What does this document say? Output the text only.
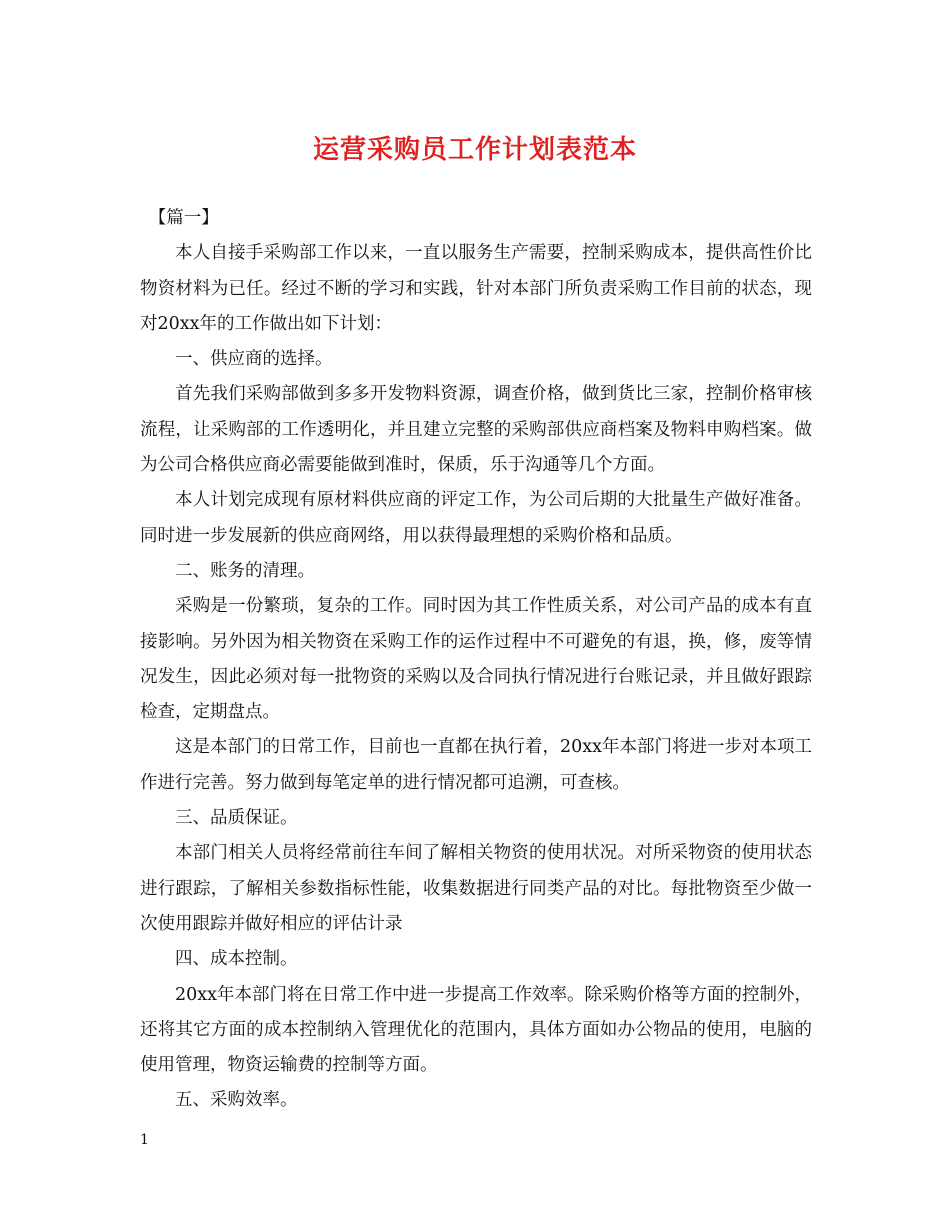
运营采购员工作计划表范本

【篇一】

本人自接手采购部工作以来，一直以服务生产需要，控制采购成本，提供高性价比物资材料为已任。经过不断的学习和实践，针对本部门所负责采购工作目前的状态，现对20xx年的工作做出如下计划：

一、供应商的选择。

首先我们采购部做到多多开发物料资源，调查价格，做到货比三家，控制价格审核流程，让采购部的工作透明化，并且建立完整的采购部供应商档案及物料申购档案。做为公司合格供应商必需要能做到准时，保质，乐于沟通等几个方面。

本人计划完成现有原材料供应商的评定工作，为公司后期的大批量生产做好准备。同时进一步发展新的供应商网络，用以获得最理想的采购价格和品质。

二、账务的清理。

采购是一份繁琐，复杂的工作。同时因为其工作性质关系，对公司产品的成本有直接影响。另外因为相关物资在采购工作的运作过程中不可避免的有退，换，修，废等情况发生，因此必须对每一批物资的采购以及合同执行情况进行台账记录，并且做好跟踪检查，定期盘点。

这是本部门的日常工作，目前也一直都在执行着，20xx年本部门将进一步对本项工作进行完善。努力做到每笔定单的进行情况都可追溯，可查核。

三、品质保证。

本部门相关人员将经常前往车间了解相关物资的使用状况。对所采物资的使用状态进行跟踪，了解相关参数指标性能，收集数据进行同类产品的对比。每批物资至少做一次使用跟踪并做好相应的评估计录

四、成本控制。

20xx年本部门将在日常工作中进一步提高工作效率。除采购价格等方面的控制外，还将其它方面的成本控制纳入管理优化的范围内，具体方面如办公物品的使用，电脑的使用管理，物资运输费的控制等方面。

五、采购效率。

1
